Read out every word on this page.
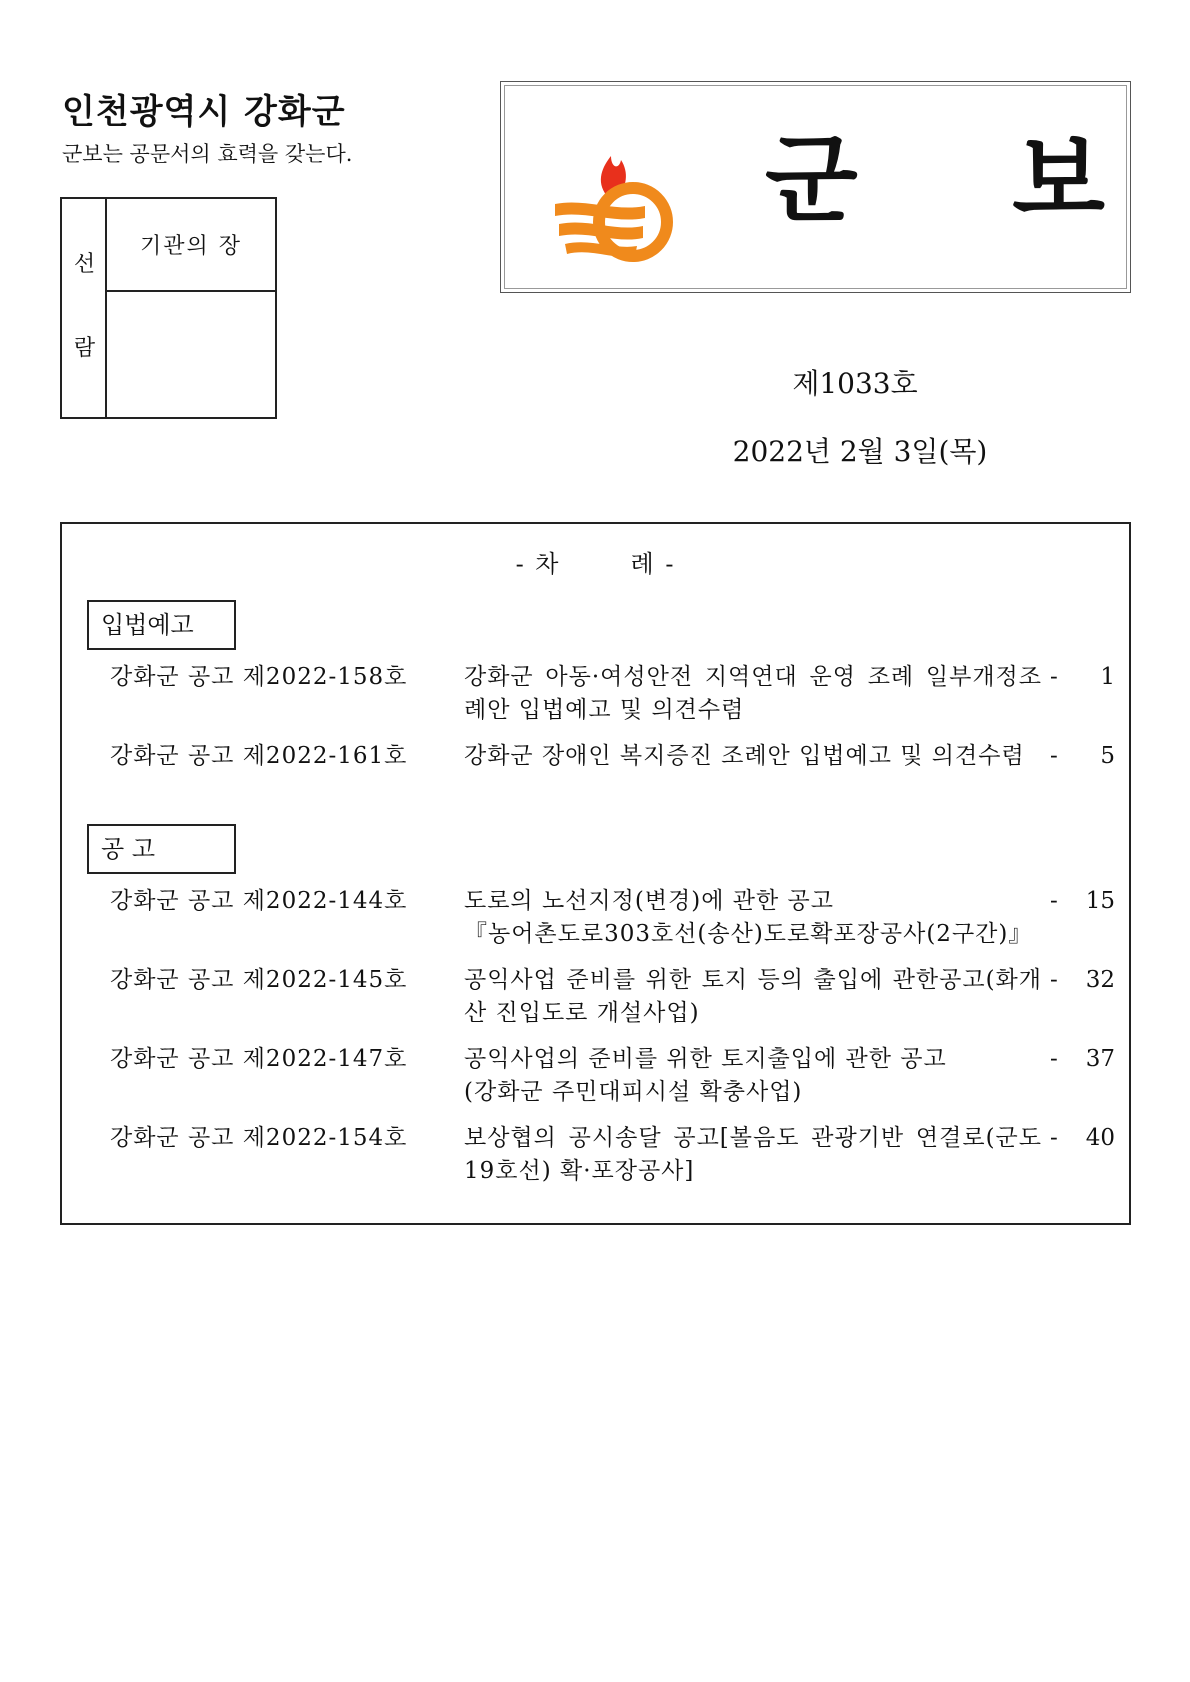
인천광역시 강화군
군보는 공문서의 효력을 갖는다.
선
람
기관의 장
군 보
제1033호
2022년 2월 3일(목)
- 차	례 -
입법예고
강화군 공고 제2022-158호 강화군 아동·여성안전 지역연대 운영 조례 일부개정조례안 입법예고 및 의견수렴
- 1
강화군 공고 제2022-161호 강화군 장애인 복지증진 조례안 입법예고 및 의견수렴	- 5
공 고
강화군 공고 제2022-144호 도로의 노선지정(변경)에 관한 공고
『농어촌도로303호선(송산)도로확포장공사(2구간)』
- 15
강화군 공고 제2022-145호 공익사업 준비를 위한 토지 등의 출입에 관한공고(화개산 진입도로 개설사업)
- 32
강화군 공고 제2022-147호 공익사업의 준비를 위한 토지출입에 관한 공고
(강화군 주민대피시설 확충사업)
- 37
강화군 공고 제2022-154호 보상협의 공시송달 공고[볼음도 관광기반 연결로(군도19호선) 확·포장공사]
- 40
